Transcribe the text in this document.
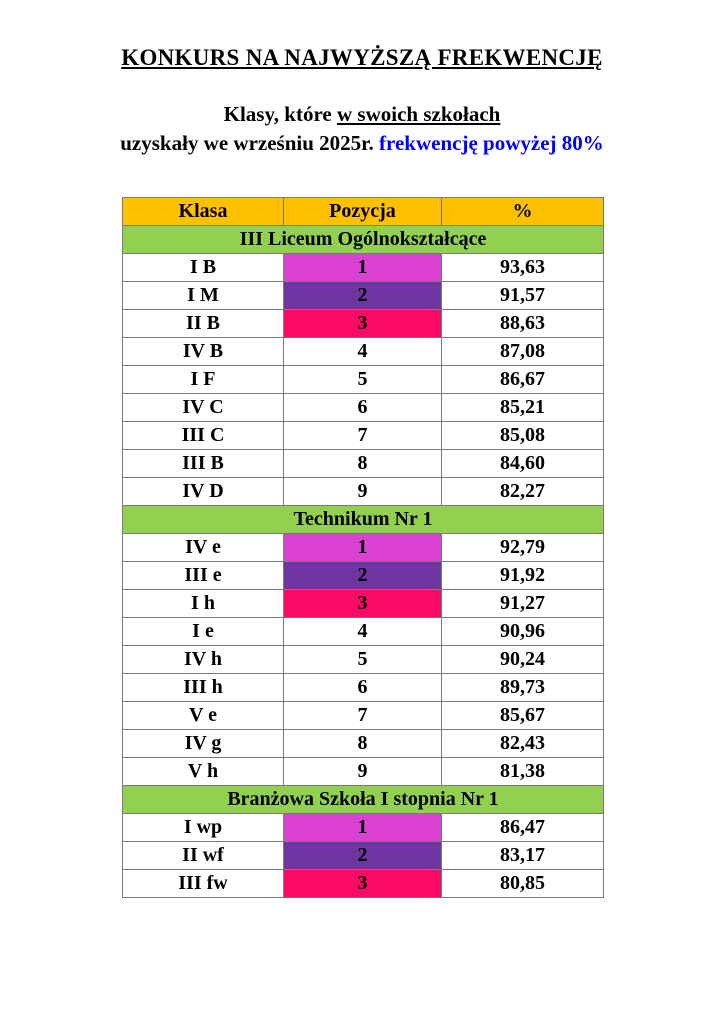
KONKURS NA NAJWYŻSZĄ FREKWENCJĘ
Klasy, które w swoich szkołach
uzyskały we wrześniu 2025r. frekwencję powyżej 80%
Klasa	Pozycja	%
III Liceum Ogólnokształcące		
I B	1	93,63
I M	2	91,57
II B	3	88,63
IV B	4	87,08
I F	5	86,67
IV C	6	85,21
III C	7	85,08
III B	8	84,60
IV D	9	82,27
Technikum Nr 1		
IV e	1	92,79
III e	2	91,92
I h	3	91,27
I e	4	90,96
IV h	5	90,24
III h	6	89,73
V e	7	85,67
IV g	8	82,43
V h	9	81,38
Branżowa Szkoła I stopnia Nr 1		
I wp	1	86,47
II wf	2	83,17
III fw	3	80,85
